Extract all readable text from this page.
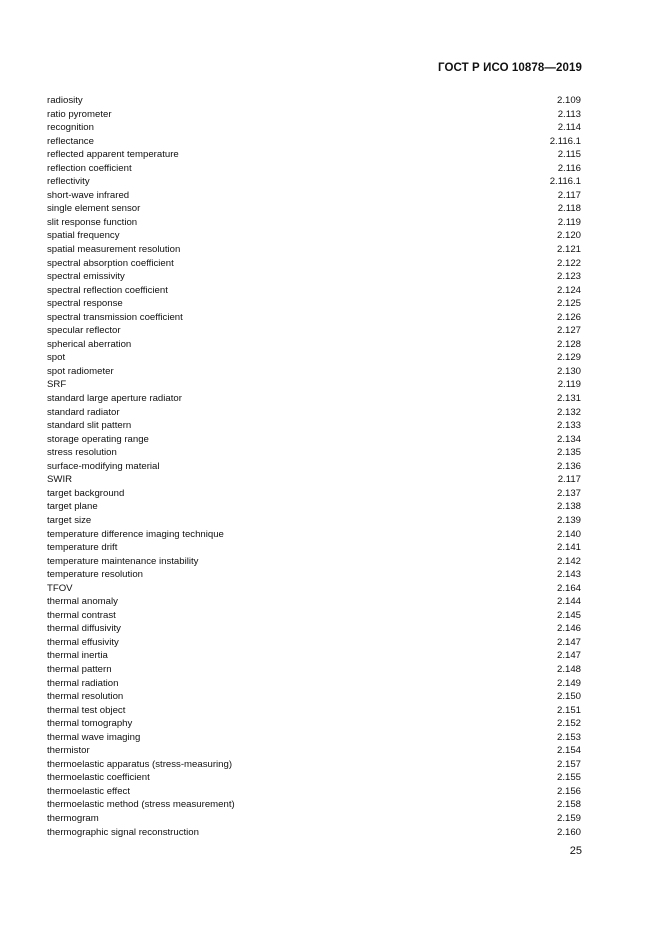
ГОСТ Р ИСО 10878—2019
radiosity	2.109
ratio pyrometer	2.113
recognition	2.114
reflectance	2.116.1
reflected apparent temperature	2.115
reflection coefficient	2.116
reflectivity	2.116.1
short-wave infrared	2.117
single element sensor	2.118
slit response function	2.119
spatial frequency	2.120
spatial measurement resolution	2.121
spectral absorption coefficient	2.122
spectral emissivity	2.123
spectral reflection coefficient	2.124
spectral response	2.125
spectral transmission coefficient	2.126
specular reflector	2.127
spherical aberration	2.128
spot	2.129
spot radiometer	2.130
SRF	2.119
standard large aperture radiator	2.131
standard radiator	2.132
standard slit pattern	2.133
storage operating range	2.134
stress resolution	2.135
surface-modifying material	2.136
SWIR	2.117
target background	2.137
target plane	2.138
target size	2.139
temperature difference imaging technique	2.140
temperature drift	2.141
temperature maintenance instability	2.142
temperature resolution	2.143
TFOV	2.164
thermal anomaly	2.144
thermal contrast	2.145
thermal diffusivity	2.146
thermal effusivity	2.147
thermal inertia	2.147
thermal pattern	2.148
thermal radiation	2.149
thermal resolution	2.150
thermal test object	2.151
thermal tomography	2.152
thermal wave imaging	2.153
thermistor	2.154
thermoelastic apparatus (stress-measuring)	2.157
thermoelastic coefficient	2.155
thermoelastic effect	2.156
thermoelastic method (stress measurement)	2.158
thermogram	2.159
thermographic signal reconstruction	2.160
25
